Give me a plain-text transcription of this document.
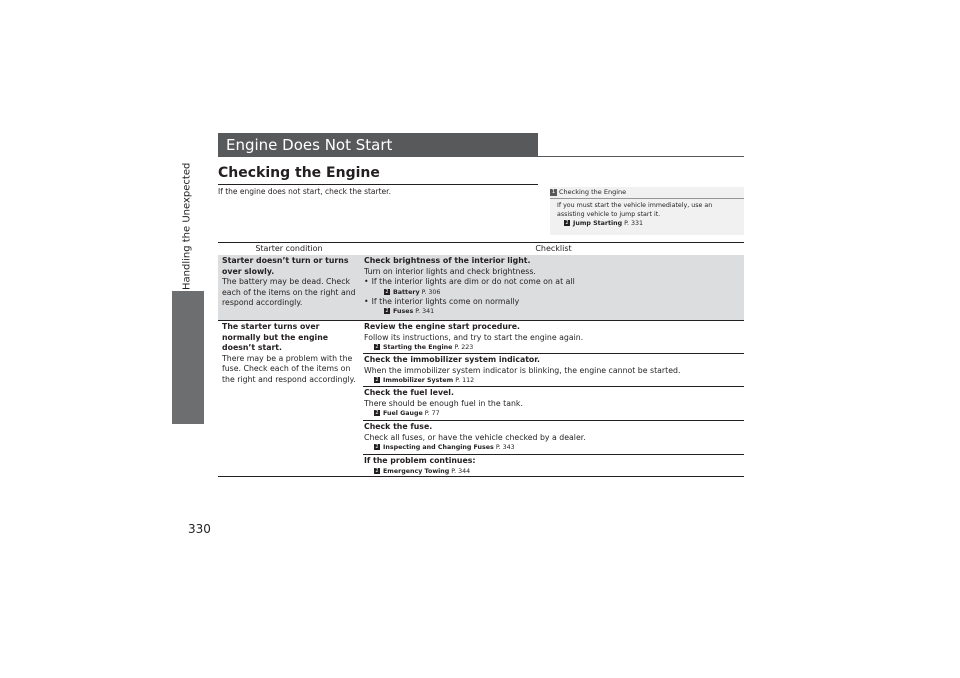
Handling the Unexpected
330
Engine Does Not Start
Checking the Engine
If the engine does not start, check the starter.	1 Checking the Engine
If you must start the vehicle immediately, use an assisting vehicle to jump start it.
2 Jump Starting P. 331
Starter condition	Checklist
Starter doesn’t turn or turns over slowly.
The battery may be dead. Check each of the items on the right and respond accordingly.
Check brightness of the interior light.
Turn on interior lights and check brightness.
• If the interior lights are dim or do not come on at all
2 Battery P. 306
• If the interior lights come on normally
2 Fuses P. 341
The starter turns over normally but the engine doesn’t start.
There may be a problem with the fuse. Check each of the items on the right and respond accordingly.
Review the engine start procedure.
Follow its instructions, and try to start the engine again.
2 Starting the Engine P. 223
Check the immobilizer system indicator.
When the immobilizer system indicator is blinking, the engine cannot be started.
2 Immobilizer System P. 112
Check the fuel level.
There should be enough fuel in the tank.
2 Fuel Gauge P. 77
Check the fuse.
Check all fuses, or have the vehicle checked by a dealer.
2 Inspecting and Changing Fuses P. 343
If the problem continues:
2 Emergency Towing P. 344
